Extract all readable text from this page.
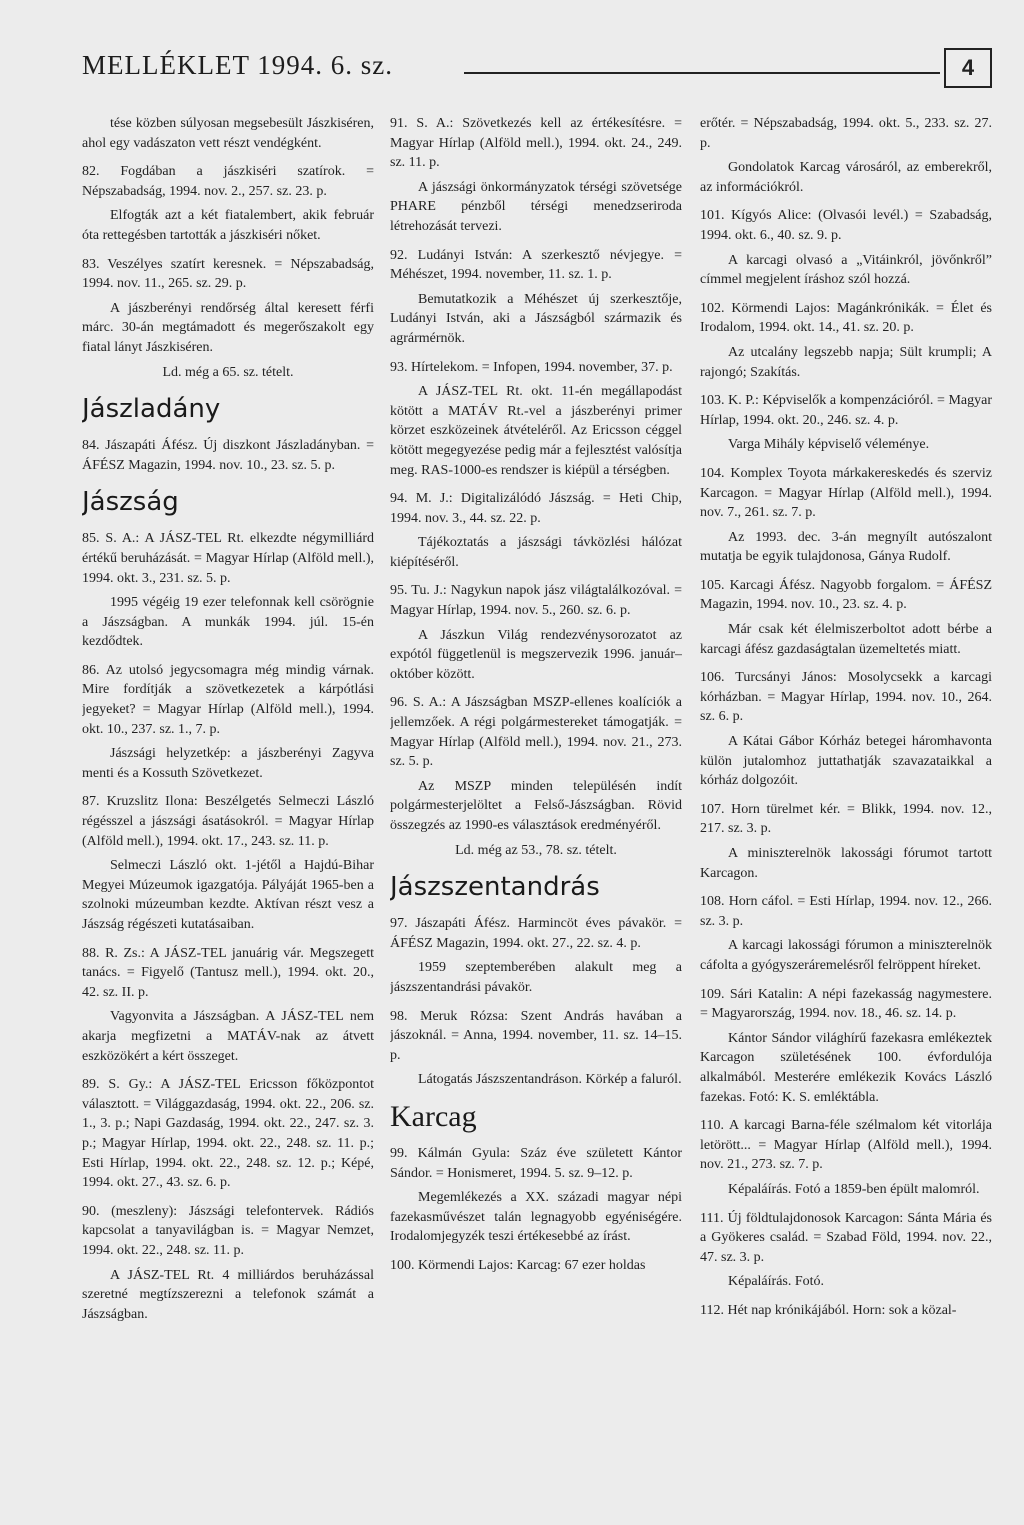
MELLÉKLET 1994. 6. sz.	4

tése közben súlyosan megsebesült Jászkiséren, ahol egy vadászaton vett részt vendégként.

82. Fogdában a jászkiséri szatírok. = Népszabadság, 1994. nov. 2., 257. sz. 23. p.

Elfogták azt a két fiatalembert, akik február óta rettegésben tartották a jászkiséri nőket.

83. Veszélyes szatírt keresnek. = Népszabadság, 1994. nov. 11., 265. sz. 29. p.

A jászberényi rendőrség által keresett férfi márc. 30-án megtámadott és megerőszakolt egy fiatal lányt Jászkiséren.

Ld. még a 65. sz. tételt.

Jászladány

84. Jászapáti Áfész. Új diszkont Jászladányban. = ÁFÉSZ Magazin, 1994. nov. 10., 23. sz. 5. p.

Jászság

85. S. A.: A JÁSZ-TEL Rt. elkezdte négymilliárd értékű beruházását. = Magyar Hírlap (Alföld mell.), 1994. okt. 3., 231. sz. 5. p.

1995 végéig 19 ezer telefonnak kell csörögnie a Jászságban. A munkák 1994. júl. 15-én kezdődtek.

86. Az utolsó jegycsomagra még mindig várnak. Mire fordítják a szövetkezetek a kárpótlási jegyeket? = Magyar Hírlap (Alföld mell.), 1994. okt. 10., 237. sz. 1., 7. p.

Jászsági helyzetkép: a jászberényi Zagyva menti és a Kossuth Szövetkezet.

87. Kruzslitz Ilona: Beszélgetés Selmeczi László régésszel a jászsági ásatásokról. = Magyar Hírlap (Alföld mell.), 1994. okt. 17., 243. sz. 11. p.

Selmeczi László okt. 1-jétől a Hajdú-Bihar Megyei Múzeumok igazgatója. Pályáját 1965-ben a szolnoki múzeumban kezdte. Aktívan részt vesz a Jászság régészeti kutatásaiban.

88. R. Zs.: A JÁSZ-TEL januárig vár. Megszegett tanács. = Figyelő (Tantusz mell.), 1994. okt. 20., 42. sz. II. p.

Vagyonvita a Jászságban. A JÁSZ-TEL nem akarja megfizetni a MATÁV-nak az átvett eszközökért a kért összeget.

89. S. Gy.: A JÁSZ-TEL Ericsson főközpontot választott. = Világgazdaság, 1994. okt. 22., 206. sz. 1., 3. p.; Napi Gazdaság, 1994. okt. 22., 247. sz. 3. p.; Magyar Hírlap, 1994. okt. 22., 248. sz. 11. p.; Esti Hírlap, 1994. okt. 22., 248. sz. 12. p.; Képé, 1994. okt. 27., 43. sz. 6. p.

90. (meszleny): Jászsági telefontervek. Rádiós kapcsolat a tanyavilágban is. = Magyar Nemzet, 1994. okt. 22., 248. sz. 11. p.

A JÁSZ-TEL Rt. 4 milliárdos beruházással szeretné megtízszerezni a telefonok számát a Jászságban.

91. S. A.: Szövetkezés kell az értékesítésre. = Magyar Hírlap (Alföld mell.), 1994. okt. 24., 249. sz. 11. p.

A jászsági önkormányzatok térségi szövetsége PHARE pénzből térségi menedzseriroda létrehozását tervezi.

92. Ludányi István: A szerkesztő névjegye. = Méhészet, 1994. november, 11. sz. 1. p.

Bemutatkozik a Méhészet új szerkesztője, Ludányi István, aki a Jászságból származik és agrármérnök.

93. Hírtelekom. = Infopen, 1994. november, 37. p.

A JÁSZ-TEL Rt. okt. 11-én megállapodást kötött a MATÁV Rt.-vel a jászberényi primer körzet eszközeinek átvételéről. Az Ericsson céggel kötött megegyezése pedig már a fejlesztést valósítja meg. RAS-1000-es rendszer is kiépül a térségben.

94. M. J.: Digitalizálódó Jászság. = Heti Chip, 1994. nov. 3., 44. sz. 22. p.

Tájékoztatás a jászsági távközlési hálózat kiépítéséről.

95. Tu. J.: Nagykun napok jász világtalálkozóval. = Magyar Hírlap, 1994. nov. 5., 260. sz. 6. p.

A Jászkun Világ rendezvénysorozatot az expótól függetlenül is megszervezik 1996. január–október között.

96. S. A.: A Jászságban MSZP-ellenes koalíciók a jellemzőek. A régi polgármestereket támogatják. = Magyar Hírlap (Alföld mell.), 1994. nov. 21., 273. sz. 5. p.

Az MSZP minden településén indít polgármesterjelöltet a Felső-Jászságban. Rövid összegzés az 1990-es választások eredményéről.

Ld. még az 53., 78. sz. tételt.

Jászszentandrás

97. Jászapáti Áfész. Harmincöt éves pávakör. = ÁFÉSZ Magazin, 1994. okt. 27., 22. sz. 4. p.

1959 szeptemberében alakult meg a jászszentandrási pávakör.

98. Meruk Rózsa: Szent András havában a jászoknál. = Anna, 1994. november, 11. sz. 14–15. p.

Látogatás Jászszentandráson. Körkép a faluról.

Karcag

99. Kálmán Gyula: Száz éve született Kántor Sándor. = Honismeret, 1994. 5. sz. 9–12. p.

Megemlékezés a XX. századi magyar népi fazekasművészet talán legnagyobb egyéniségére. Irodalomjegyzék teszi értékesebbé az írást.

100. Körmendi Lajos: Karcag: 67 ezer holdas

erőtér. = Népszabadság, 1994. okt. 5., 233. sz. 27. p.

Gondolatok Karcag városáról, az emberekről, az információkról.

101. Kígyós Alice: (Olvasói levél.) = Szabadság, 1994. okt. 6., 40. sz. 9. p.

A karcagi olvasó a „Vitáinkról, jövőnkről” címmel megjelent íráshoz szól hozzá.

102. Körmendi Lajos: Magánkrónikák. = Élet és Irodalom, 1994. okt. 14., 41. sz. 20. p.

Az utcalány legszebb napja; Sült krumpli; A rajongó; Szakítás.

103. K. P.: Képviselők a kompenzációról. = Magyar Hírlap, 1994. okt. 20., 246. sz. 4. p.

Varga Mihály képviselő véleménye.

104. Komplex Toyota márkakereskedés és szerviz Karcagon. = Magyar Hírlap (Alföld mell.), 1994. nov. 7., 261. sz. 7. p.

Az 1993. dec. 3-án megnyílt autószalont mutatja be egyik tulajdonosa, Gánya Rudolf.

105. Karcagi Áfész. Nagyobb forgalom. = ÁFÉSZ Magazin, 1994. nov. 10., 23. sz. 4. p.

Már csak két élelmiszerboltot adott bérbe a karcagi áfész gazdaságtalan üzemeltetés miatt.

106. Turcsányi János: Mosolycsekk a karcagi kórházban. = Magyar Hírlap, 1994. nov. 10., 264. sz. 6. p.

A Kátai Gábor Kórház betegei háromhavonta külön jutalomhoz juttathatják szavazataikkal a kórház dolgozóit.

107. Horn türelmet kér. = Blikk, 1994. nov. 12., 217. sz. 3. p.

A miniszterelnök lakossági fórumot tartott Karcagon.

108. Horn cáfol. = Esti Hírlap, 1994. nov. 12., 266. sz. 3. p.

A karcagi lakossági fórumon a miniszterelnök cáfolta a gyógyszeráremelésről felröppent híreket.

109. Sári Katalin: A népi fazekasság nagymestere. = Magyarország, 1994. nov. 18., 46. sz. 14. p.

Kántor Sándor világhírű fazekasra emlékeztek Karcagon születésének 100. évfordulója alkalmából. Mesterére emlékezik Kovács László fazekas. Fotó: K. S. emléktábla.

110. A karcagi Barna-féle szélmalom két vitorlája letörött... = Magyar Hírlap (Alföld mell.), 1994. nov. 21., 273. sz. 7. p.

Képaláírás. Fotó a 1859-ben épült malomról.

111. Új földtulajdonosok Karcagon: Sánta Mária és a Gyökeres család. = Szabad Föld, 1994. nov. 22., 47. sz. 3. p.

Képaláírás. Fotó.

112. Hét nap krónikájából. Horn: sok a közal-
